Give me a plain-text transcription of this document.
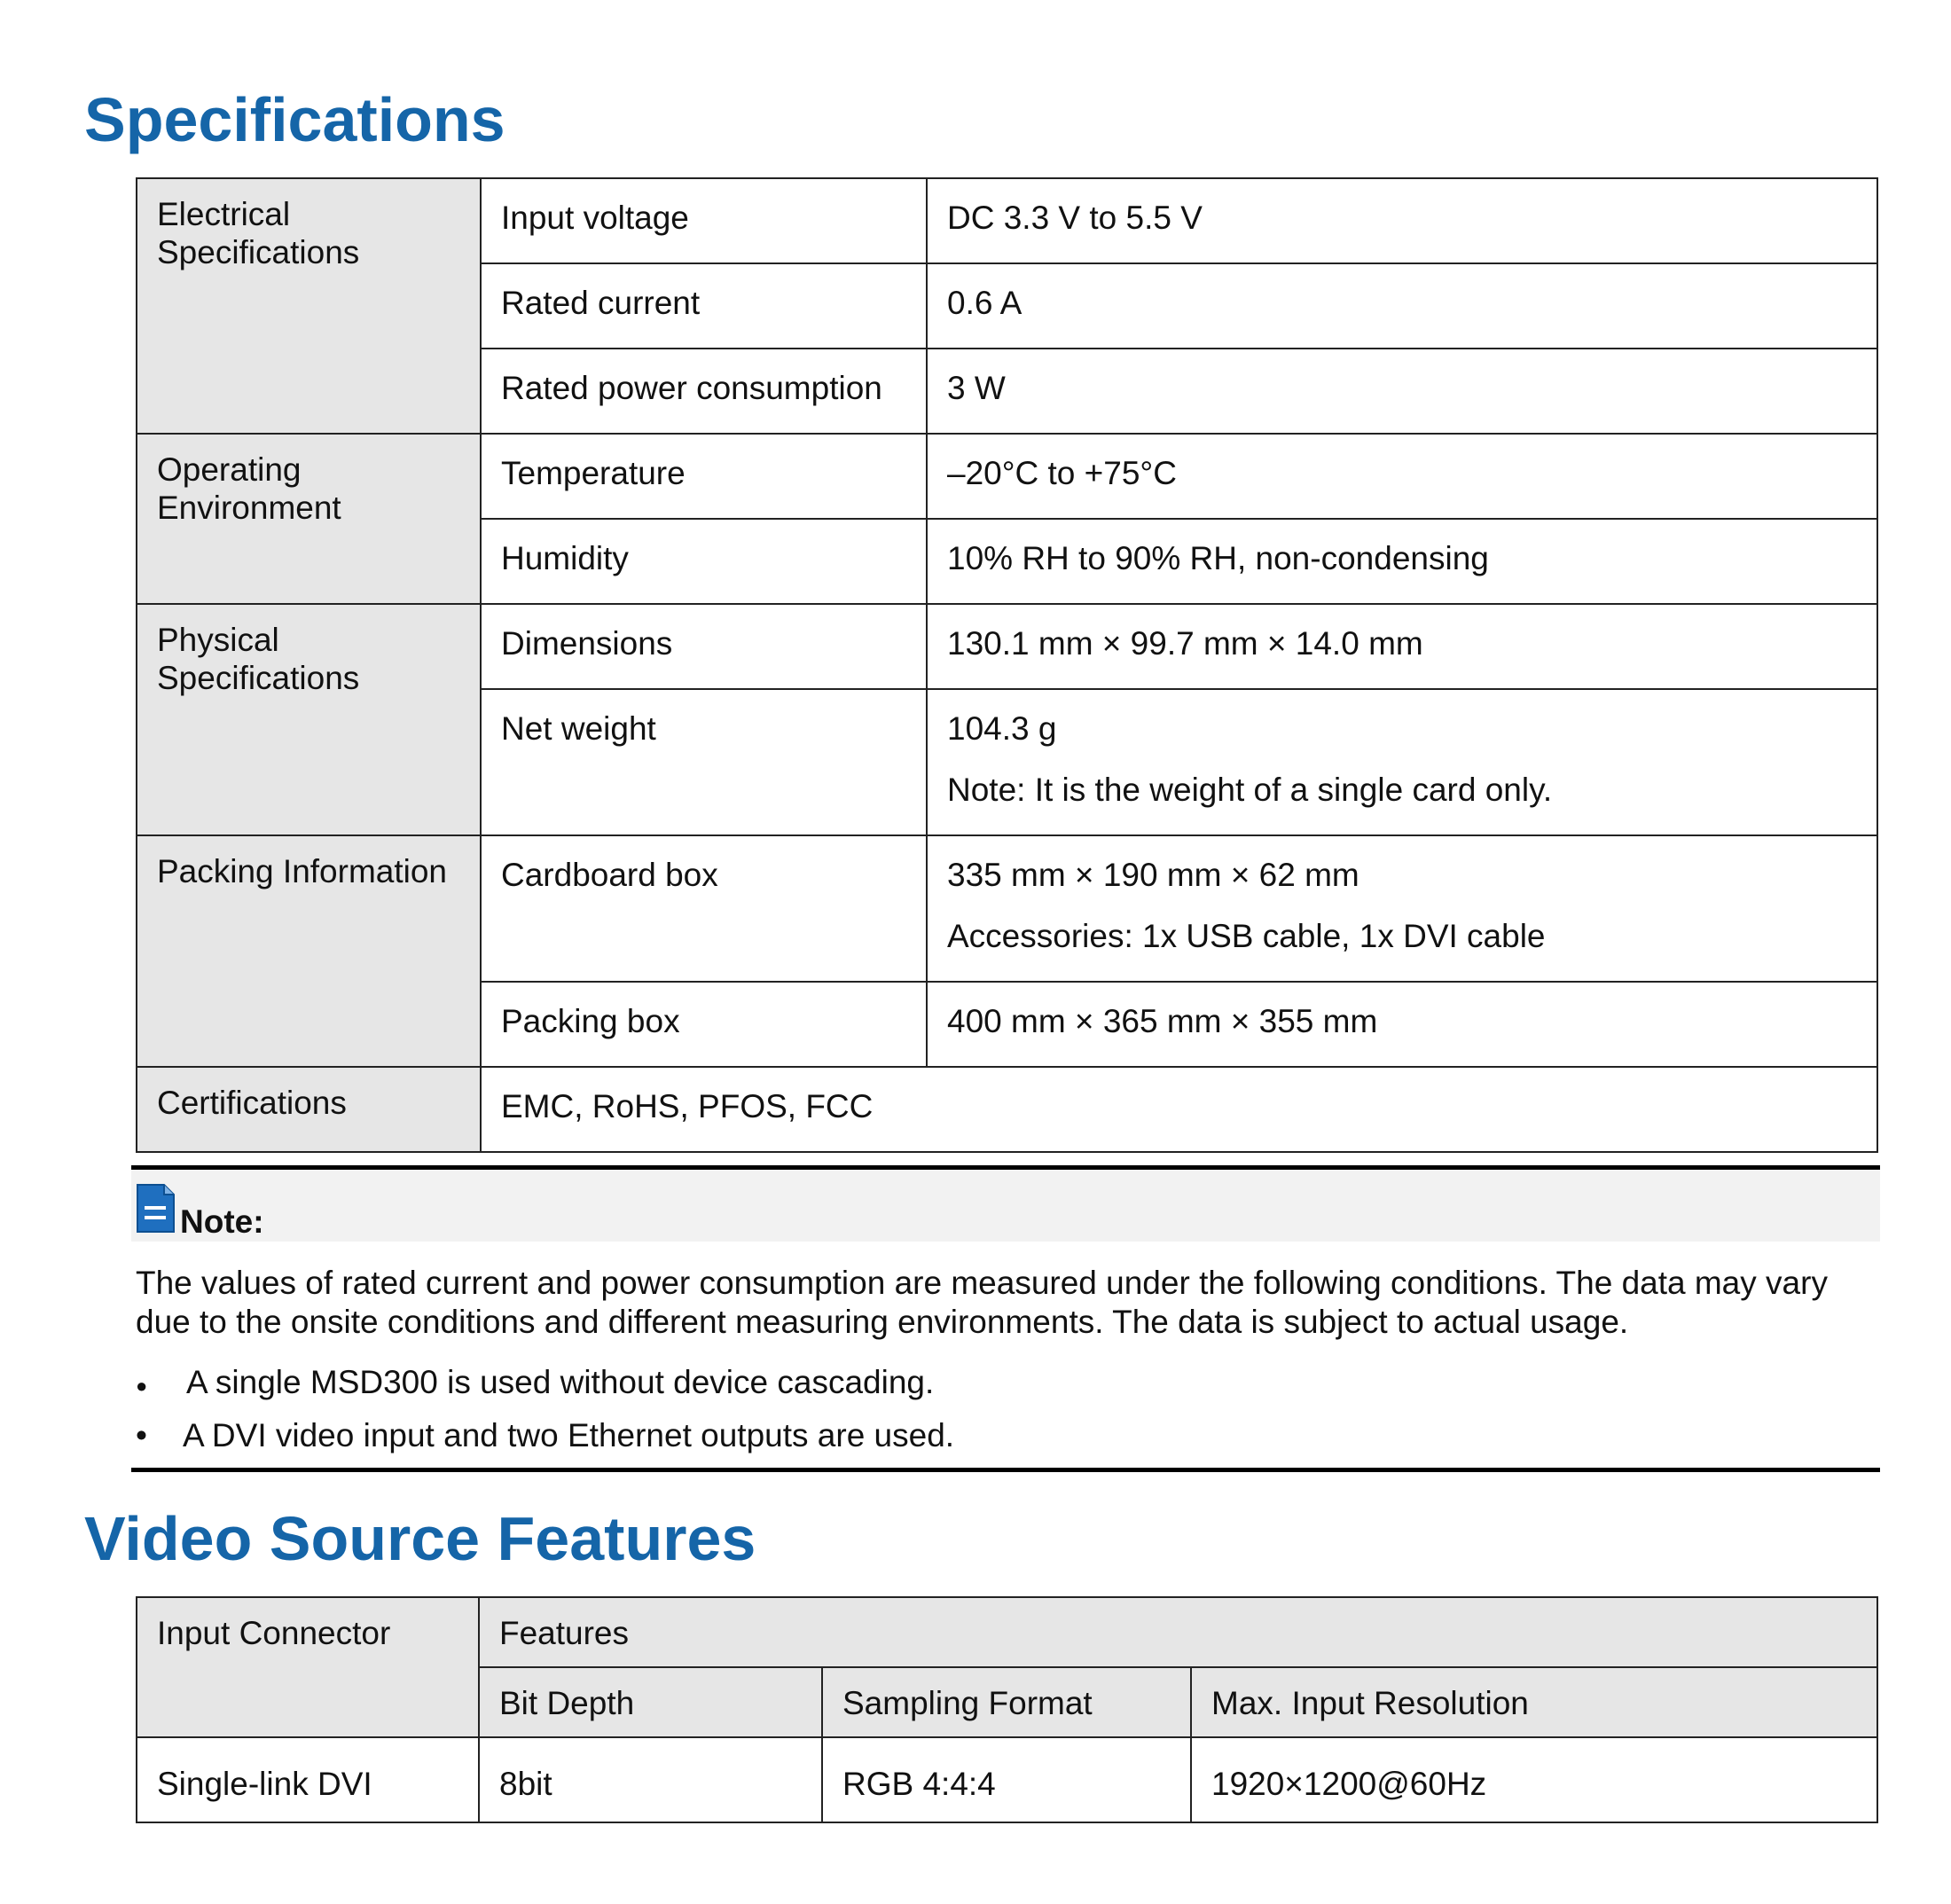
Specifications
Electrical Specifications	Input voltage	DC 3.3 V to 5.5 V
	Rated current	0.6 A
	Rated power consumption	3 W
Operating Environment	Temperature	–20°C to +75°C
	Humidity	10% RH to 90% RH, non-condensing
Physical Specifications	Dimensions	130.1 mm × 99.7 mm × 14.0 mm
	Net weight	104.3 g
Note: It is the weight of a single card only.

Packing Information	Cardboard box	335 mm × 190 mm × 62 mm
Accessories: 1x USB cable, 1x DVI cable

	Packing box	400 mm × 365 mm × 355 mm
Certifications	EMC, RoHS, PFOS, FCC	
Note:

The values of rated current and power consumption are measured under the following conditions. The data may vary due to the onsite conditions and different measuring environments. The data is subject to actual usage.

● A single MSD300 is used without device cascading.
• A DVI video input and two Ethernet outputs are used.
Video Source Features
Input Connector	Features		
	Bit Depth	Sampling Format	Max. Input Resolution
Single-link DVI	8bit	RGB 4:4:4	1920×1200@60Hz
